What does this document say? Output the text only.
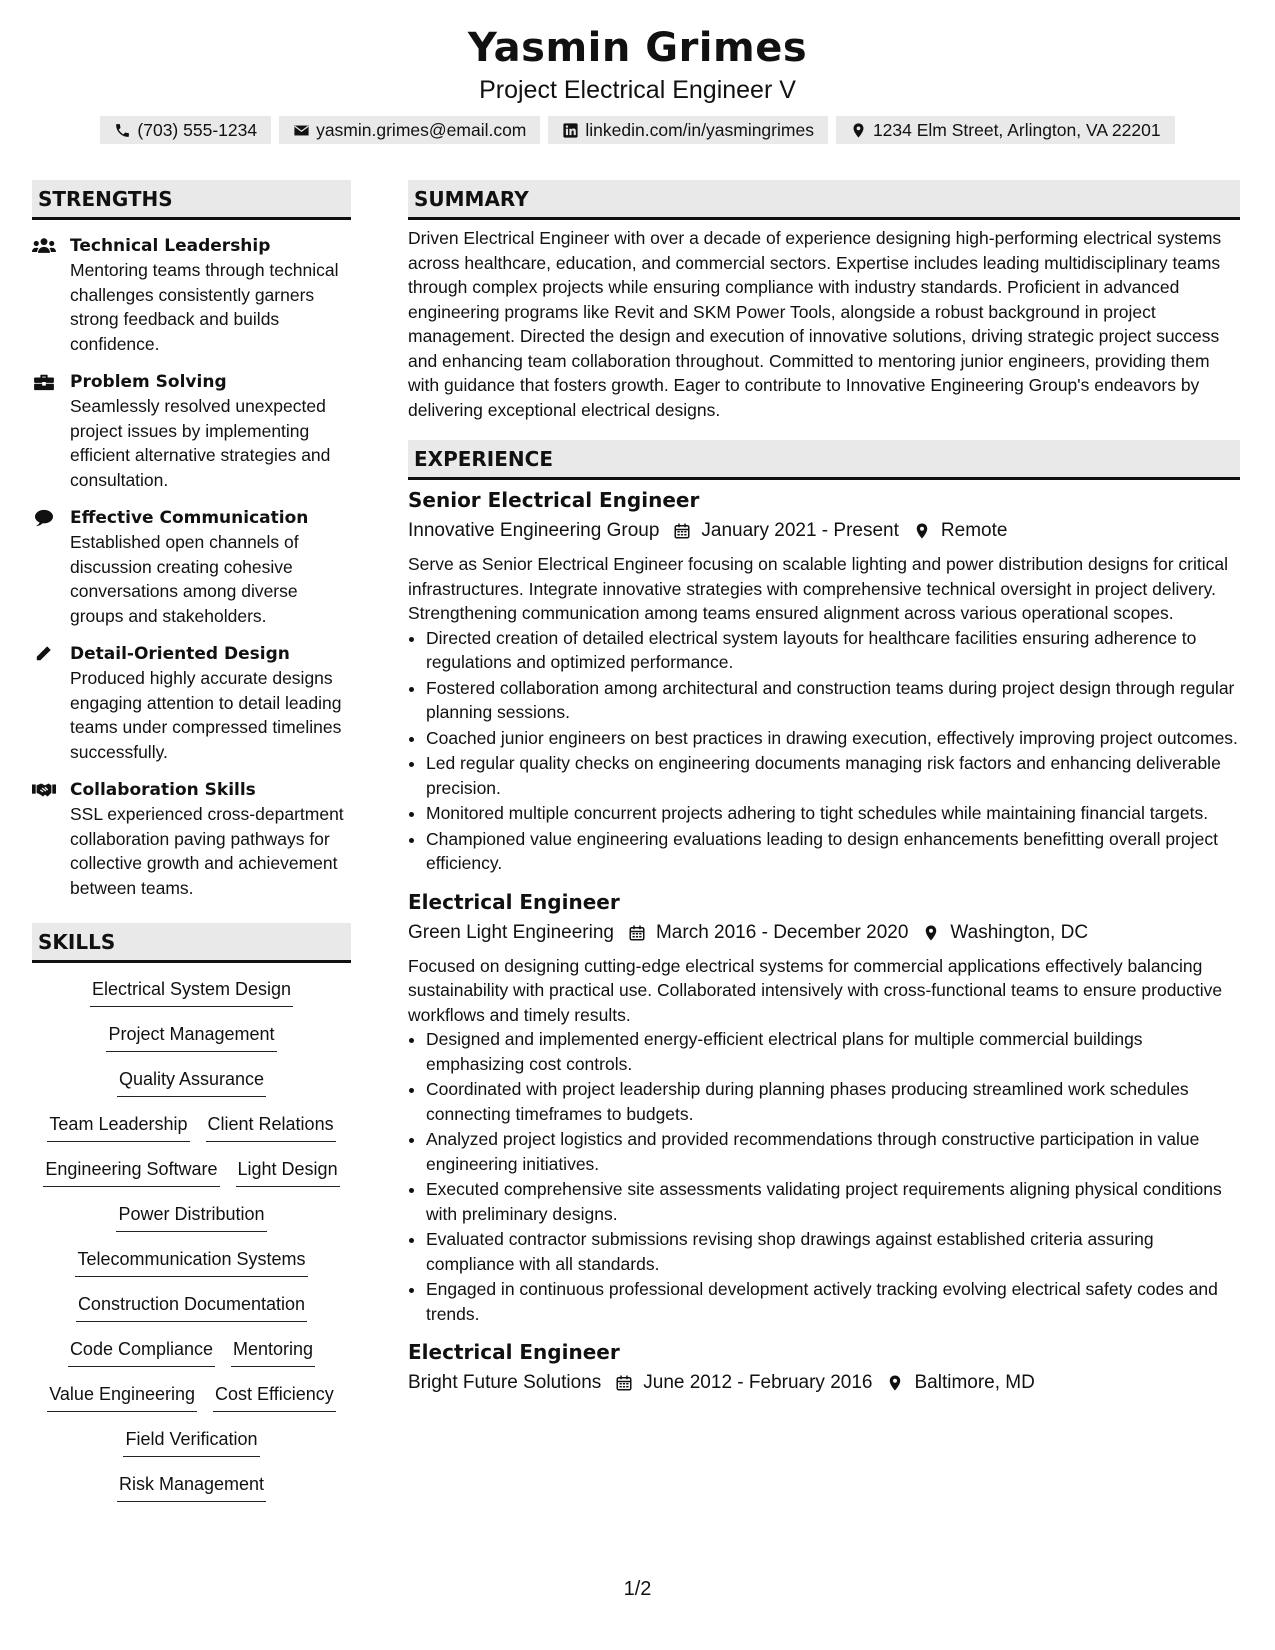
Yasmin Grimes
Project Electrical Engineer V
(703) 555-1234	yasmin.grimes@email.com	linkedin.com/in/yasmingrimes	1234 Elm Street, Arlington, VA 22201
STRENGTHS
Technical Leadership
Mentoring teams through technical challenges consistently garners strong feedback and builds confidence.
Problem Solving
Seamlessly resolved unexpected project issues by implementing efficient alternative strategies and consultation.
Effective Communication
Established open channels of discussion creating cohesive conversations among diverse groups and stakeholders.
Detail-Oriented Design
Produced highly accurate designs engaging attention to detail leading teams under compressed timelines successfully.
Collaboration Skills
SSL experienced cross-department collaboration paving pathways for collective growth and achievement between teams.
SKILLS
Electrical System Design
Project Management
Quality Assurance
Team Leadership Client Relations
Engineering Software Light Design
Power Distribution
Telecommunication Systems
Construction Documentation
Code Compliance Mentoring
Value Engineering Cost Efficiency
Field Verification
Risk Management
SUMMARY
Driven Electrical Engineer with over a decade of experience designing high-performing electrical systems across healthcare, education, and commercial sectors. Expertise includes leading multidisciplinary teams through complex projects while ensuring compliance with industry standards. Proficient in advanced engineering programs like Revit and SKM Power Tools, alongside a robust background in project management. Directed the design and execution of innovative solutions, driving strategic project success and enhancing team collaboration throughout. Committed to mentoring junior engineers, providing them with guidance that fosters growth. Eager to contribute to Innovative Engineering Group's endeavors by delivering exceptional electrical designs.
EXPERIENCE
Senior Electrical Engineer
Innovative Engineering Group January 2021 - Present Remote
Serve as Senior Electrical Engineer focusing on scalable lighting and power distribution designs for critical infrastructures. Integrate innovative strategies with comprehensive technical oversight in project delivery. Strengthening communication among teams ensured alignment across various operational scopes.
• Directed creation of detailed electrical system layouts for healthcare facilities ensuring adherence to regulations and optimized performance.
• Fostered collaboration among architectural and construction teams during project design through regular planning sessions.
• Coached junior engineers on best practices in drawing execution, effectively improving project outcomes.
• Led regular quality checks on engineering documents managing risk factors and enhancing deliverable precision.
• Monitored multiple concurrent projects adhering to tight schedules while maintaining financial targets.
• Championed value engineering evaluations leading to design enhancements benefitting overall project efficiency.
Electrical Engineer
Green Light Engineering March 2016 - December 2020 Washington, DC
Focused on designing cutting-edge electrical systems for commercial applications effectively balancing sustainability with practical use. Collaborated intensively with cross-functional teams to ensure productive workflows and timely results.
• Designed and implemented energy-efficient electrical plans for multiple commercial buildings emphasizing cost controls.
• Coordinated with project leadership during planning phases producing streamlined work schedules connecting timeframes to budgets.
• Analyzed project logistics and provided recommendations through constructive participation in value engineering initiatives.
• Executed comprehensive site assessments validating project requirements aligning physical conditions with preliminary designs.
• Evaluated contractor submissions revising shop drawings against established criteria assuring compliance with all standards.
• Engaged in continuous professional development actively tracking evolving electrical safety codes and trends.
Electrical Engineer
Bright Future Solutions June 2012 - February 2016 Baltimore, MD
1/2
